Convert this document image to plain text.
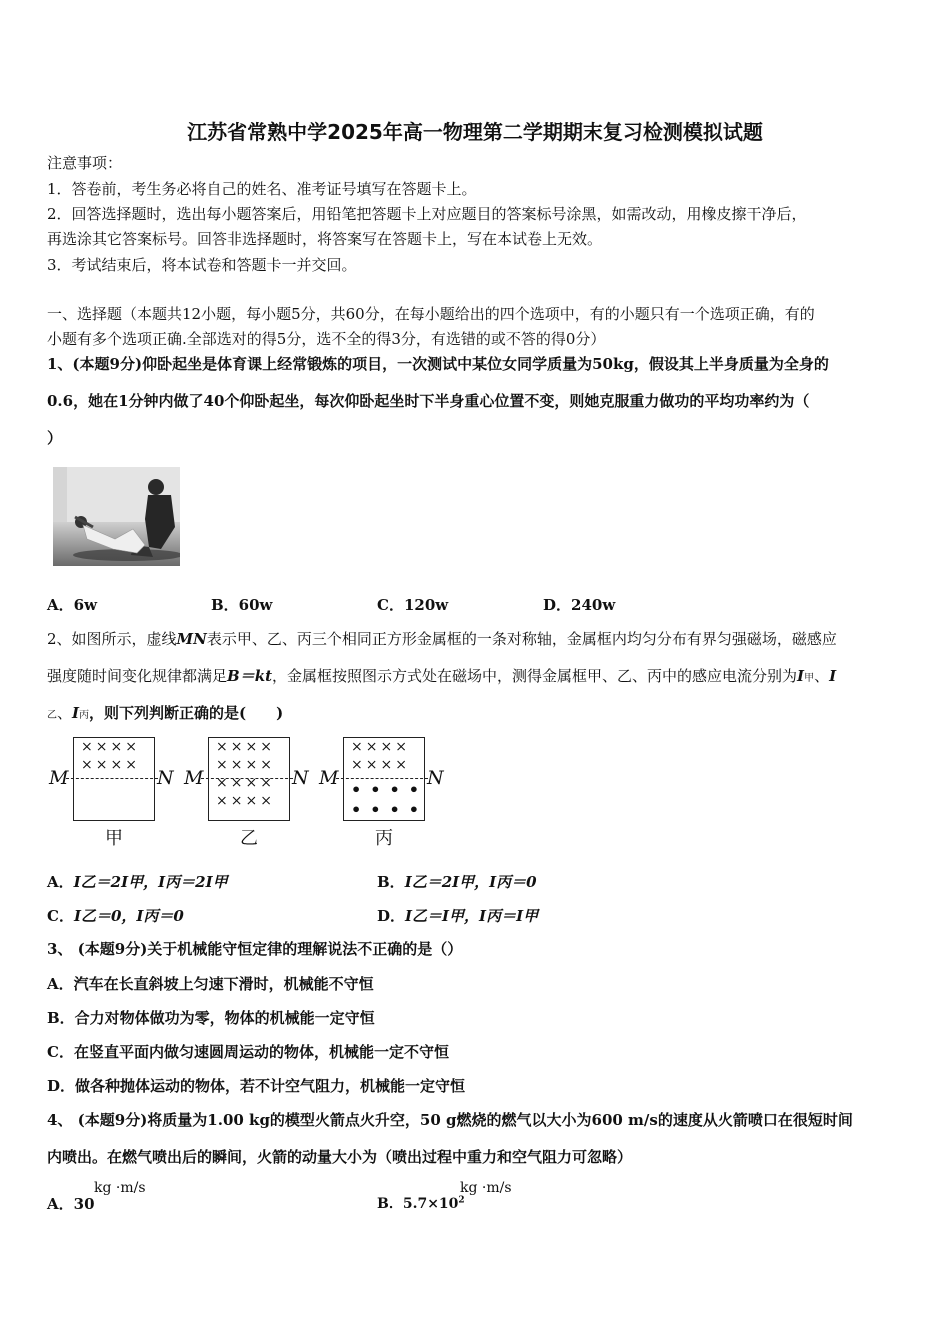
江苏省常熟中学2025年高一物理第二学期期末复习检测模拟试题
注意事项：
1．答卷前，考生务必将自己的姓名、准考证号填写在答题卡上。
2．回答选择题时，选出每小题答案后，用铅笔把答题卡上对应题目的答案标号涂黑，如需改动，用橡皮擦干净后，
再选涂其它答案标号。回答非选择题时，将答案写在答题卡上，写在本试卷上无效。
3．考试结束后，将本试卷和答题卡一并交回。
一、选择题（本题共12小题，每小题5分，共60分，在每小题给出的四个选项中，有的小题只有一个选项正确，有的
小题有多个选项正确.全部选对的得5分，选不全的得3分，有选错的或不答的得0分）
1、(本题9分)仰卧起坐是体育课上经常锻炼的项目，一次测试中某位女同学质量为50kg，假设其上半身质量为全身的
0.6，她在1分钟内做了40个仰卧起坐，每次仰卧起坐时下半身重心位置不变，则她克服重力做功的平均功率约为（
）
A．6w	B．60w	C．120w	D．240w
2、如图所示，虚线MN表示甲、乙、丙三个相同正方形金属框的一条对称轴，金属框内均匀分布有界匀强磁场，磁感应
强度随时间变化规律都满足B＝kt，金属框按照图示方式处在磁场中，测得金属框甲、乙、丙中的感应电流分别为I甲、I
乙、I丙，则下列判断正确的是(　　)
××××
××××
M	N
甲
××××
××××
××××
××××
M	N
乙
××××
××××
••••
••••
M	N
丙
A．I乙＝2I甲，I丙＝2I甲	B．I乙＝2I甲，I丙＝0
C．I乙＝0，I丙＝0	D．I乙＝I甲，I丙＝I甲
3、 (本题9分)关于机械能守恒定律的理解说法不正确的是（）
A．汽车在长直斜坡上匀速下滑时，机械能不守恒
B．合力对物体做功为零，物体的机械能一定守恒
C．在竖直平面内做匀速圆周运动的物体，机械能一定不守恒
D．做各种抛体运动的物体，若不计空气阻力，机械能一定守恒
4、 (本题9分)将质量为1.00 kg的模型火箭点火升空，50 g燃烧的燃气以大小为600 m/s的速度从火箭喷口在很短时间
内喷出。在燃气喷出后的瞬间，火箭的动量大小为（喷出过程中重力和空气阻力可忽略）
A．30
kg ·m/s
B．$5.7\times 10^2$
kg ·m/s
